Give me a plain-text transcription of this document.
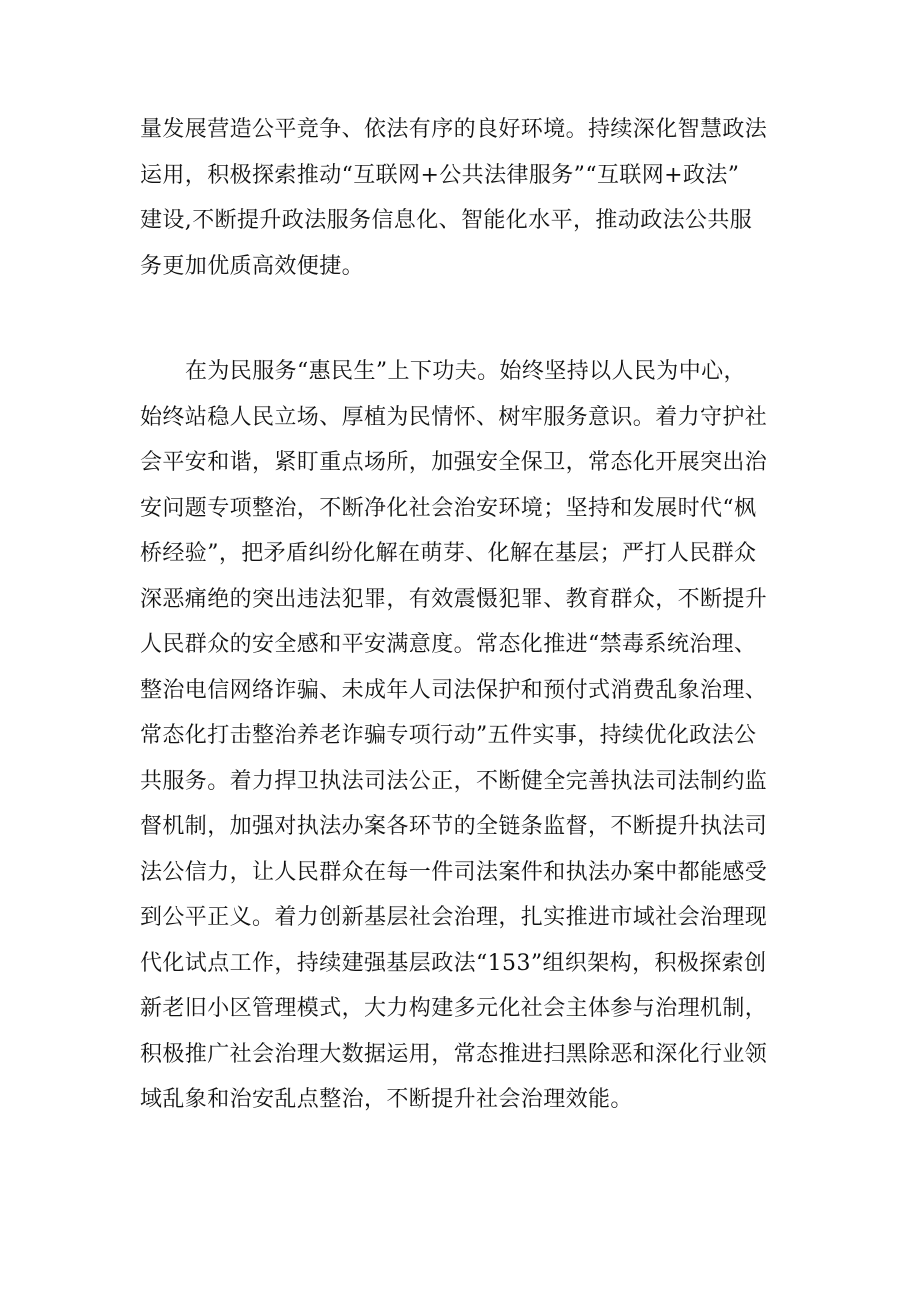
量发展营造公平竞争、依法有序的良好环境。持续深化智慧政法
运用，积极探索推动“互联网+公共法律服务”“互联网+政法”
建设,不断提升政法服务信息化、智能化水平，推动政法公共服
务更加优质高效便捷。
在为民服务“惠民生”上下功夫。始终坚持以人民为中心，
始终站稳人民立场、厚植为民情怀、树牢服务意识。着力守护社
会平安和谐，紧盯重点场所，加强安全保卫，常态化开展突出治
安问题专项整治，不断净化社会治安环境；坚持和发展时代“枫
桥经验”，把矛盾纠纷化解在萌芽、化解在基层；严打人民群众
深恶痛绝的突出违法犯罪，有效震慑犯罪、教育群众，不断提升
人民群众的安全感和平安满意度。常态化推进“禁毒系统治理、
整治电信网络诈骗、未成年人司法保护和预付式消费乱象治理、
常态化打击整治养老诈骗专项行动”五件实事，持续优化政法公
共服务。着力捍卫执法司法公正，不断健全完善执法司法制约监
督机制，加强对执法办案各环节的全链条监督，不断提升执法司
法公信力，让人民群众在每一件司法案件和执法办案中都能感受
到公平正义。着力创新基层社会治理，扎实推进市域社会治理现
代化试点工作，持续建强基层政法“153”组织架构，积极探索创
新老旧小区管理模式，大力构建多元化社会主体参与治理机制，
积极推广社会治理大数据运用，常态推进扫黑除恶和深化行业领
域乱象和治安乱点整治，不断提升社会治理效能。
